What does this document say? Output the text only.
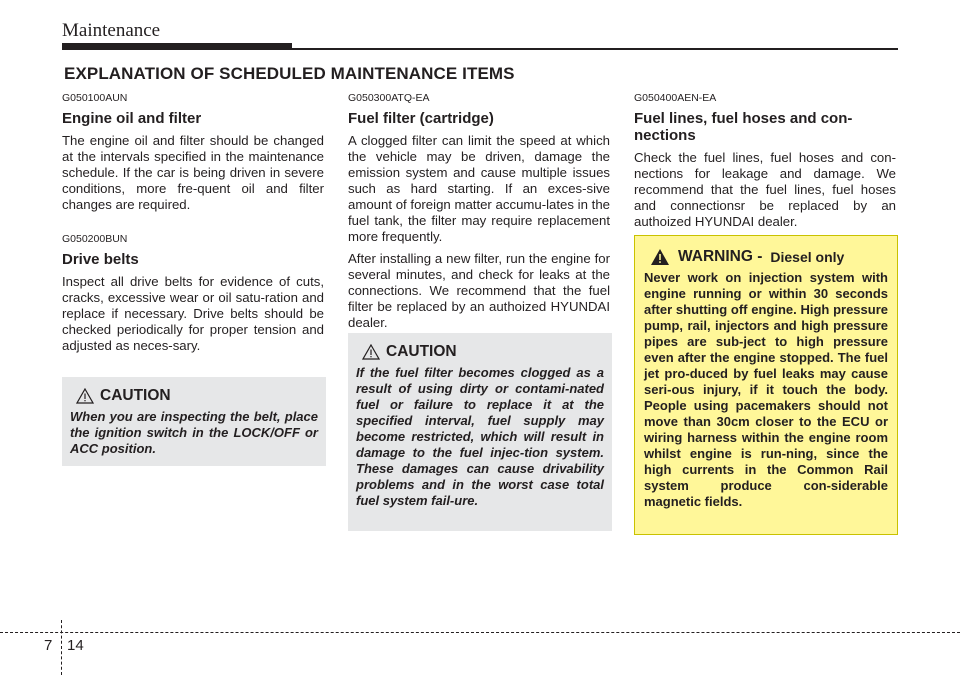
Maintenance
EXPLANATION OF SCHEDULED MAINTENANCE ITEMS
G050100AUN
Engine oil and filter
The engine oil and filter should be changed at the intervals specified in the maintenance schedule. If the car is being driven in severe conditions, more fre-quent oil and filter changes are required.
G050200BUN
Drive belts
Inspect all drive belts for evidence of cuts, cracks, excessive wear or oil satu-ration and replace if necessary. Drive belts should be checked periodically for proper tension and adjusted as neces-sary.
CAUTION
When you are inspecting the belt, place the ignition switch in the LOCK/OFF or ACC position.
G050300ATQ-EA
Fuel filter (cartridge)
A clogged filter can limit the speed at which the vehicle may be driven, damage the emission system and cause multiple issues such as hard starting. If an exces-sive amount of foreign matter accumu-lates in the fuel tank, the filter may require replacement more frequently.
After installing a new filter, run the engine for several minutes, and check for leaks at the connections. We recommend that the fuel filter be replaced by an authoized HYUNDAI dealer.
CAUTION
If the fuel filter becomes clogged as a result of using dirty or contami-nated fuel or failure to replace it at the specified interval, fuel supply may become restricted, which will result in damage to the fuel injec-tion system. These damages can cause drivability problems and in the worst case total fuel system fail-ure.
G050400AEN-EA
Fuel lines, fuel hoses and con-nections
Check the fuel lines, fuel hoses and con-nections for leakage and damage. We recommend that the fuel lines, fuel hoses and connectionsr be replaced by an authoized HYUNDAI dealer.
WARNING - Diesel only
Never work on injection system with engine running or within 30 seconds after shutting off engine. High pressure pump, rail, injectors and high pressure pipes are sub-ject to high pressure even after the engine stopped. The fuel jet pro-duced by fuel leaks may cause seri-ous injury, if it touch the body. People using pacemakers should not move than 30cm closer to the ECU or wiring harness within the engine room whilst engine is run-ning, since the high currents in the Common Rail system produce con-siderable magnetic fields.
7 14
